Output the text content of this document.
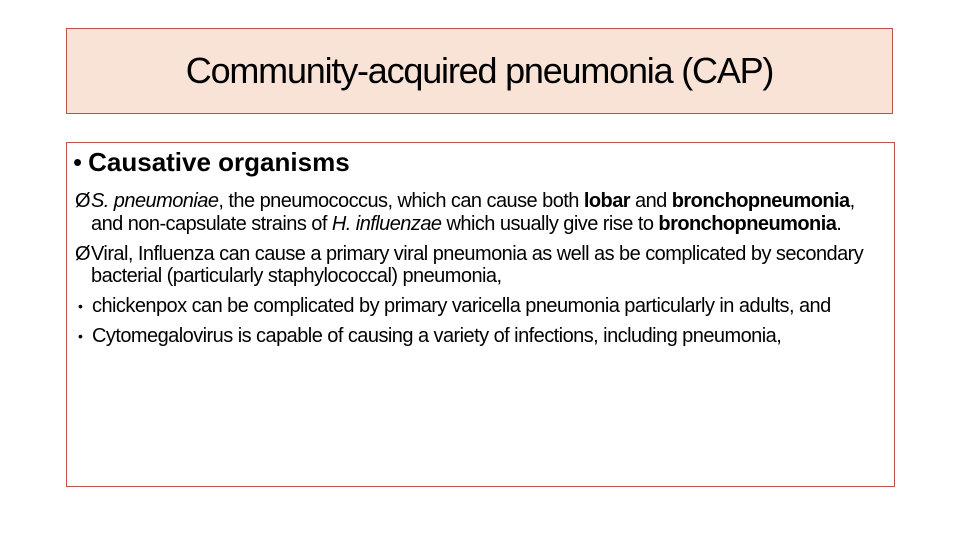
Community-acquired pneumonia (CAP)
• Causative organisms
Ø S. pneumoniae, the pneumococcus, which can cause both lobar and bronchopneumonia, and non-capsulate strains of H. influenzae which usually give rise to bronchopneumonia.
Ø Viral, Influenza can cause a primary viral pneumonia as well as be complicated by secondary bacterial (particularly staphylococcal) pneumonia,
• chickenpox can be complicated by primary varicella pneumonia particularly in adults, and
• Cytomegalovirus is capable of causing a variety of infections, including pneumonia,
